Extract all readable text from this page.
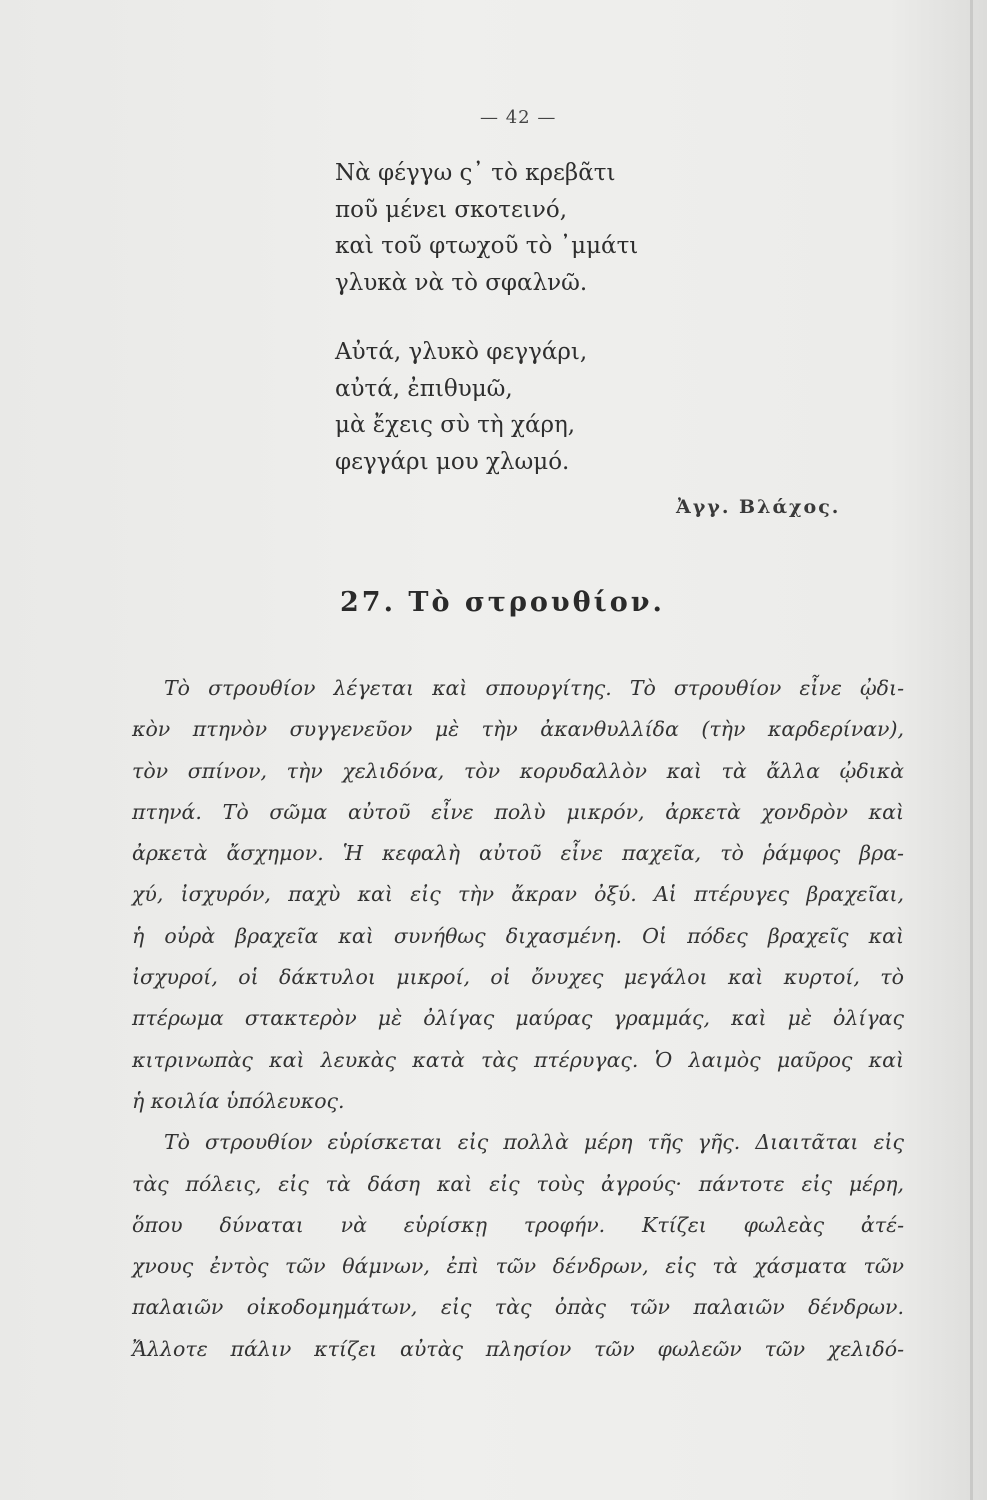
— 42 —
Νὰ φέγγω ς᾽ τὸ κρεβᾶτι
ποῦ μένει σκοτεινό,
καὶ τοῦ φτωχοῦ τὸ ᾽μμάτι
γλυκὰ νὰ τὸ σφαλνῶ.
Αὐτά, γλυκὸ φεγγάρι,
αὐτά, ἐπιθυμῶ,
μὰ ἔχεις σὺ τὴ χάρη,
φεγγάρι μου χλωμό.
Ἀγγ. Βλάχος.
27. Τὸ στρουθίον.
Τὸ στρουθίον λέγεται καὶ σπουργίτης. Τὸ στρουθίον εἶνε ᾠδι-
κὸν πτηνὸν συγγενεῦον μὲ τὴν ἀκανθυλλίδα (τὴν καρδερίναν),
τὸν σπίνον, τὴν χελιδόνα, τὸν κορυδαλλὸν καὶ τὰ ἄλλα ᾠδικὰ
πτηνά. Τὸ σῶμα αὐτοῦ εἶνε πολὺ μικρόν, ἀρκετὰ χονδρὸν καὶ
ἀρκετὰ ἄσχημον. Ἡ κεφαλὴ αὐτοῦ εἶνε παχεῖα, τὸ ῥάμφος βρα-
χύ, ἰσχυρόν, παχὺ καὶ εἰς τὴν ἄκραν ὀξύ. Αἱ πτέρυγες βραχεῖαι,
ἡ οὐρὰ βραχεῖα καὶ συνήθως διχασμένη. Οἱ πόδες βραχεῖς καὶ
ἰσχυροί, οἱ δάκτυλοι μικροί, οἱ ὄνυχες μεγάλοι καὶ κυρτοί, τὸ
πτέρωμα στακτερὸν μὲ ὀλίγας μαύρας γραμμάς, καὶ μὲ ὀλίγας
κιτρινωπὰς καὶ λευκὰς κατὰ τὰς πτέρυγας. Ὁ λαιμὸς μαῦρος καὶ
ἡ κοιλία ὑπόλευκος.
Τὸ στρουθίον εὑρίσκεται εἰς πολλὰ μέρη τῆς γῆς. Διαιτᾶται εἰς
τὰς πόλεις, εἰς τὰ δάση καὶ εἰς τοὺς ἀγρούς· πάντοτε εἰς μέρη,
ὅπου δύναται νὰ εὑρίσκῃ τροφήν. Κτίζει φωλεὰς ἀτέ-
χνους ἐντὸς τῶν θάμνων, ἐπὶ τῶν δένδρων, εἰς τὰ χάσματα τῶν
παλαιῶν οἰκοδομημάτων, εἰς τὰς ὀπὰς τῶν παλαιῶν δένδρων.
Ἄλλοτε πάλιν κτίζει αὐτὰς πλησίον τῶν φωλεῶν τῶν χελιδό-
